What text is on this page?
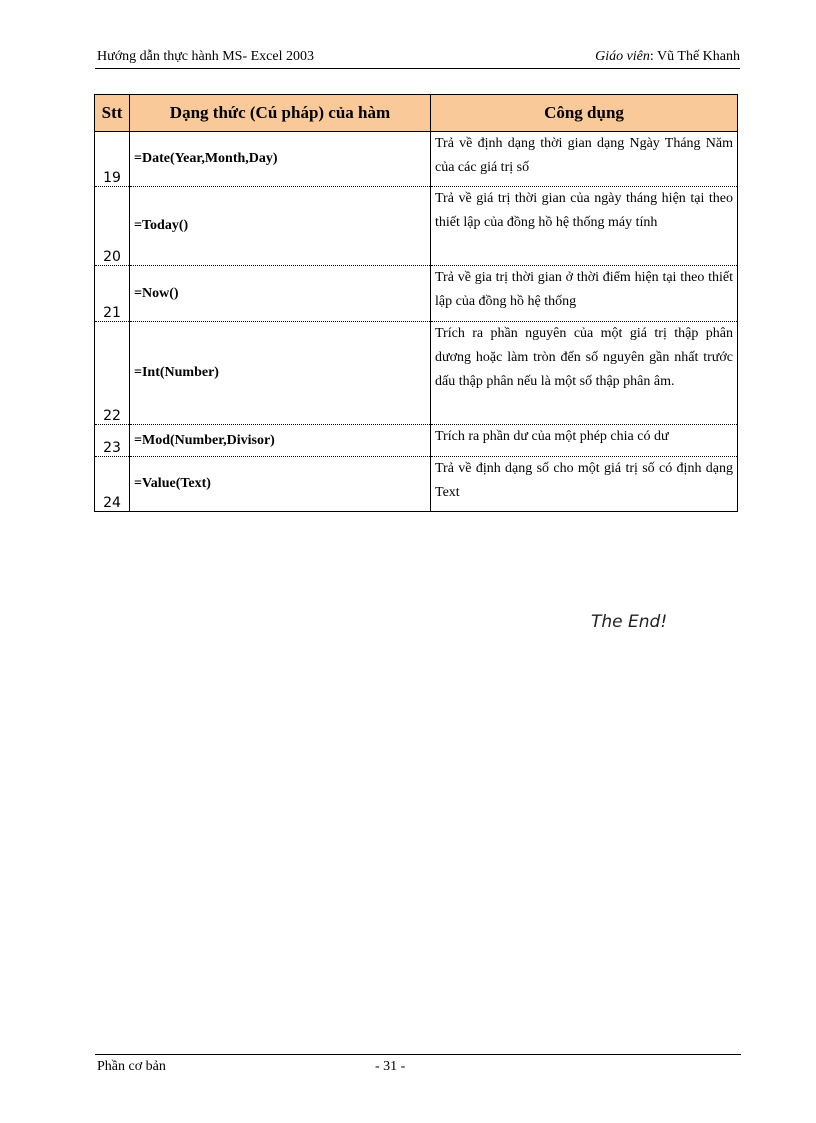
Hướng dẫn thực hành MS- Excel 2003	Giáo viên: Vũ Thế Khanh
Stt	Dạng thức (Cú pháp) của hàm	Công dụng
19	=Date(Year,Month,Day)	Trả về định dạng thời gian dạng Ngày Tháng Năm của các giá trị số
20	=Today()	Trả về giá trị thời gian của ngày tháng hiện tại theo thiết lập của đồng hồ hệ thống máy tính
21	=Now()	Trả về gia trị thời gian ở thời điểm hiện tại theo thiết lập của đồng hồ hệ thống
22	=Int(Number)	Trích ra phần nguyên của một giá trị thập phân dương hoặc làm tròn đến số nguyên gần nhất trước dấu thập phân nếu là một số thập phân âm.
23	=Mod(Number,Divisor)	Trích ra phần dư của một phép chia có dư
24	=Value(Text)	Trả về định dạng số cho một giá trị số có định dạng Text
The End!
Phần cơ bản	- 31 -
